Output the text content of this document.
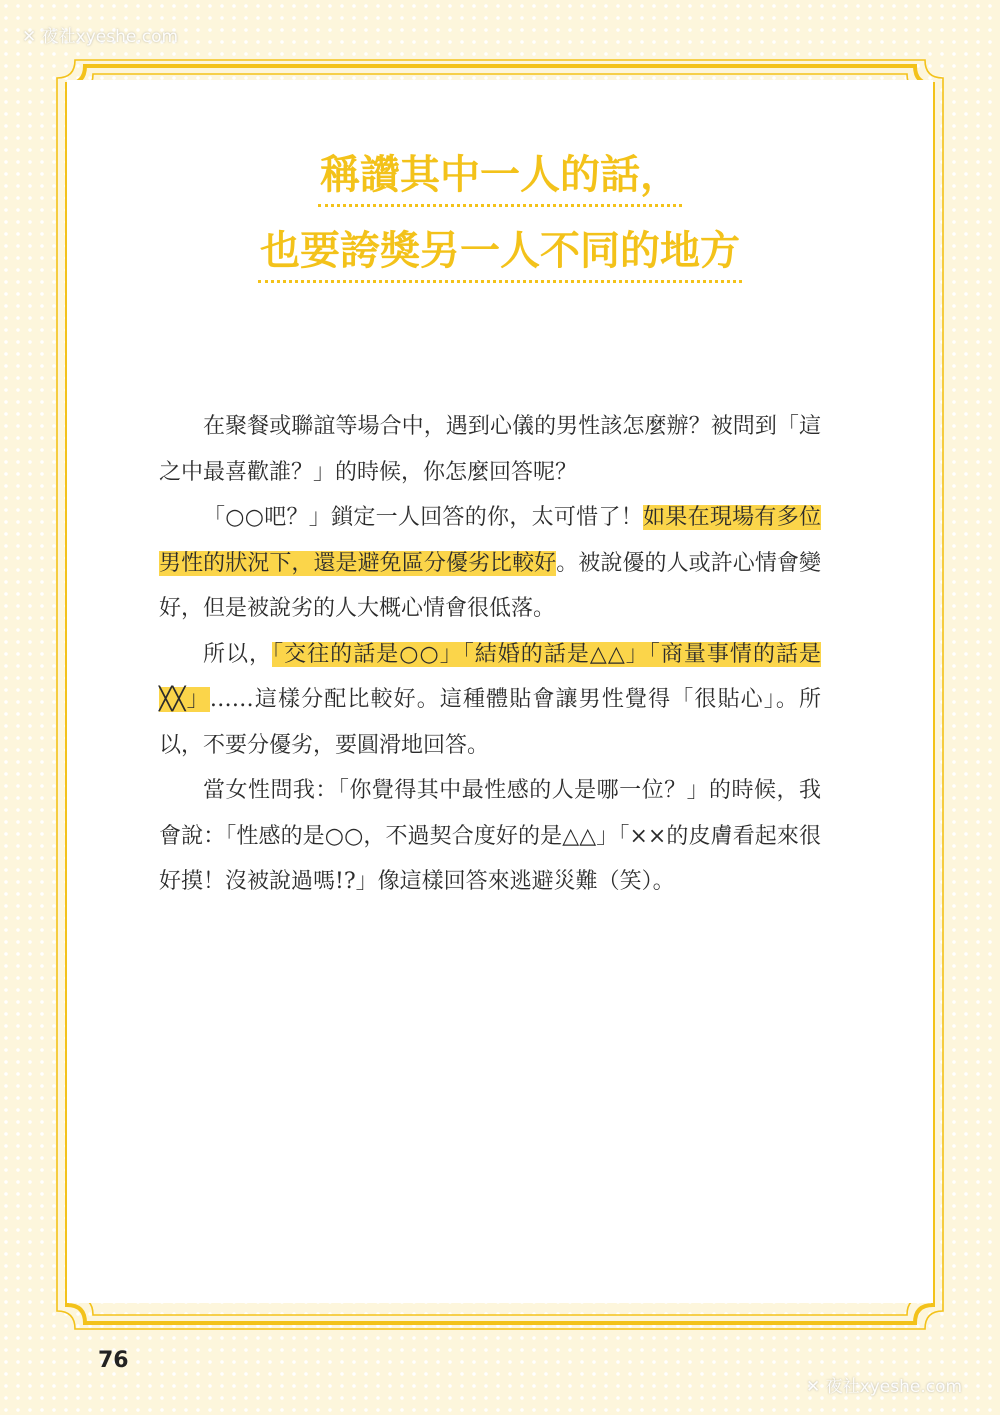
稱讚其中一人的話，
也要誇獎另一人不同的地方

在聚餐或聯誼等場合中，遇到心儀的男性該怎麼辦？被問到「這之中最喜歡誰？」的時候，你怎麼回答呢？

「○○吧？」鎖定一人回答的你，太可惜了！如果在現場有多位男性的狀況下，還是避免區分優劣比較好。被說優的人或許心情會變好，但是被說劣的人大概心情會很低落。

所以，「交往的話是○○」「結婚的話是△△」「商量事情的話是╳╳」……這樣分配比較好。這種體貼會讓男性覺得「很貼心」。所以，不要分優劣，要圓滑地回答。

當女性問我：「你覺得其中最性感的人是哪一位？」的時候，我會說：「性感的是○○，不過契合度好的是△△」「××的皮膚看起來很好摸！沒被說過嗎!?」像這樣回答來逃避災難（笑）。

76
✕ 夜社xyeshe.com
✕ 夜社xyeshe.com
